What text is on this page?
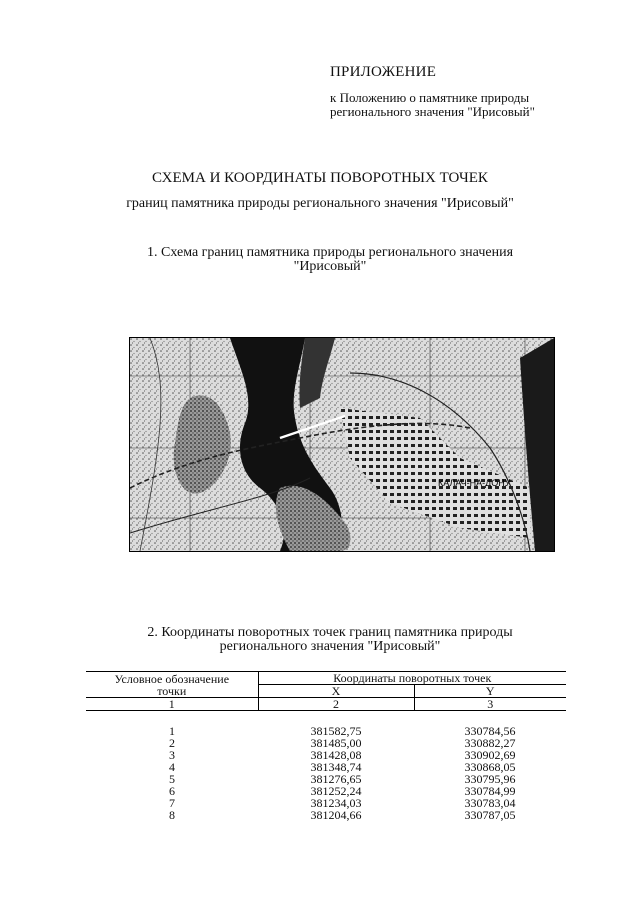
ПРИЛОЖЕНИЕ
к Положению о памятнике природы
регионального значения "Ирисовый"
СХЕМА И КООРДИНАТЫ ПОВОРОТНЫХ ТОЧЕК
границ памятника природы регионального значения "Ирисовый"
1. Схема границ памятника природы регионального значения
"Ирисовый"
КАЛАЧ-НА-ДОНУ
2. Координаты поворотных точек границ памятника природы
регионального значения "Ирисовый"
Условное обозначение
точки	Координаты поворотных точек	
	X	Y
1	2	3

1	381582,75	330784,56
2	381485,00	330882,27
3	381428,08	330902,69
4	381348,74	330868,05
5	381276,65	330795,96
6	381252,24	330784,99
7	381234,03	330783,04
8	381204,66	330787,05
